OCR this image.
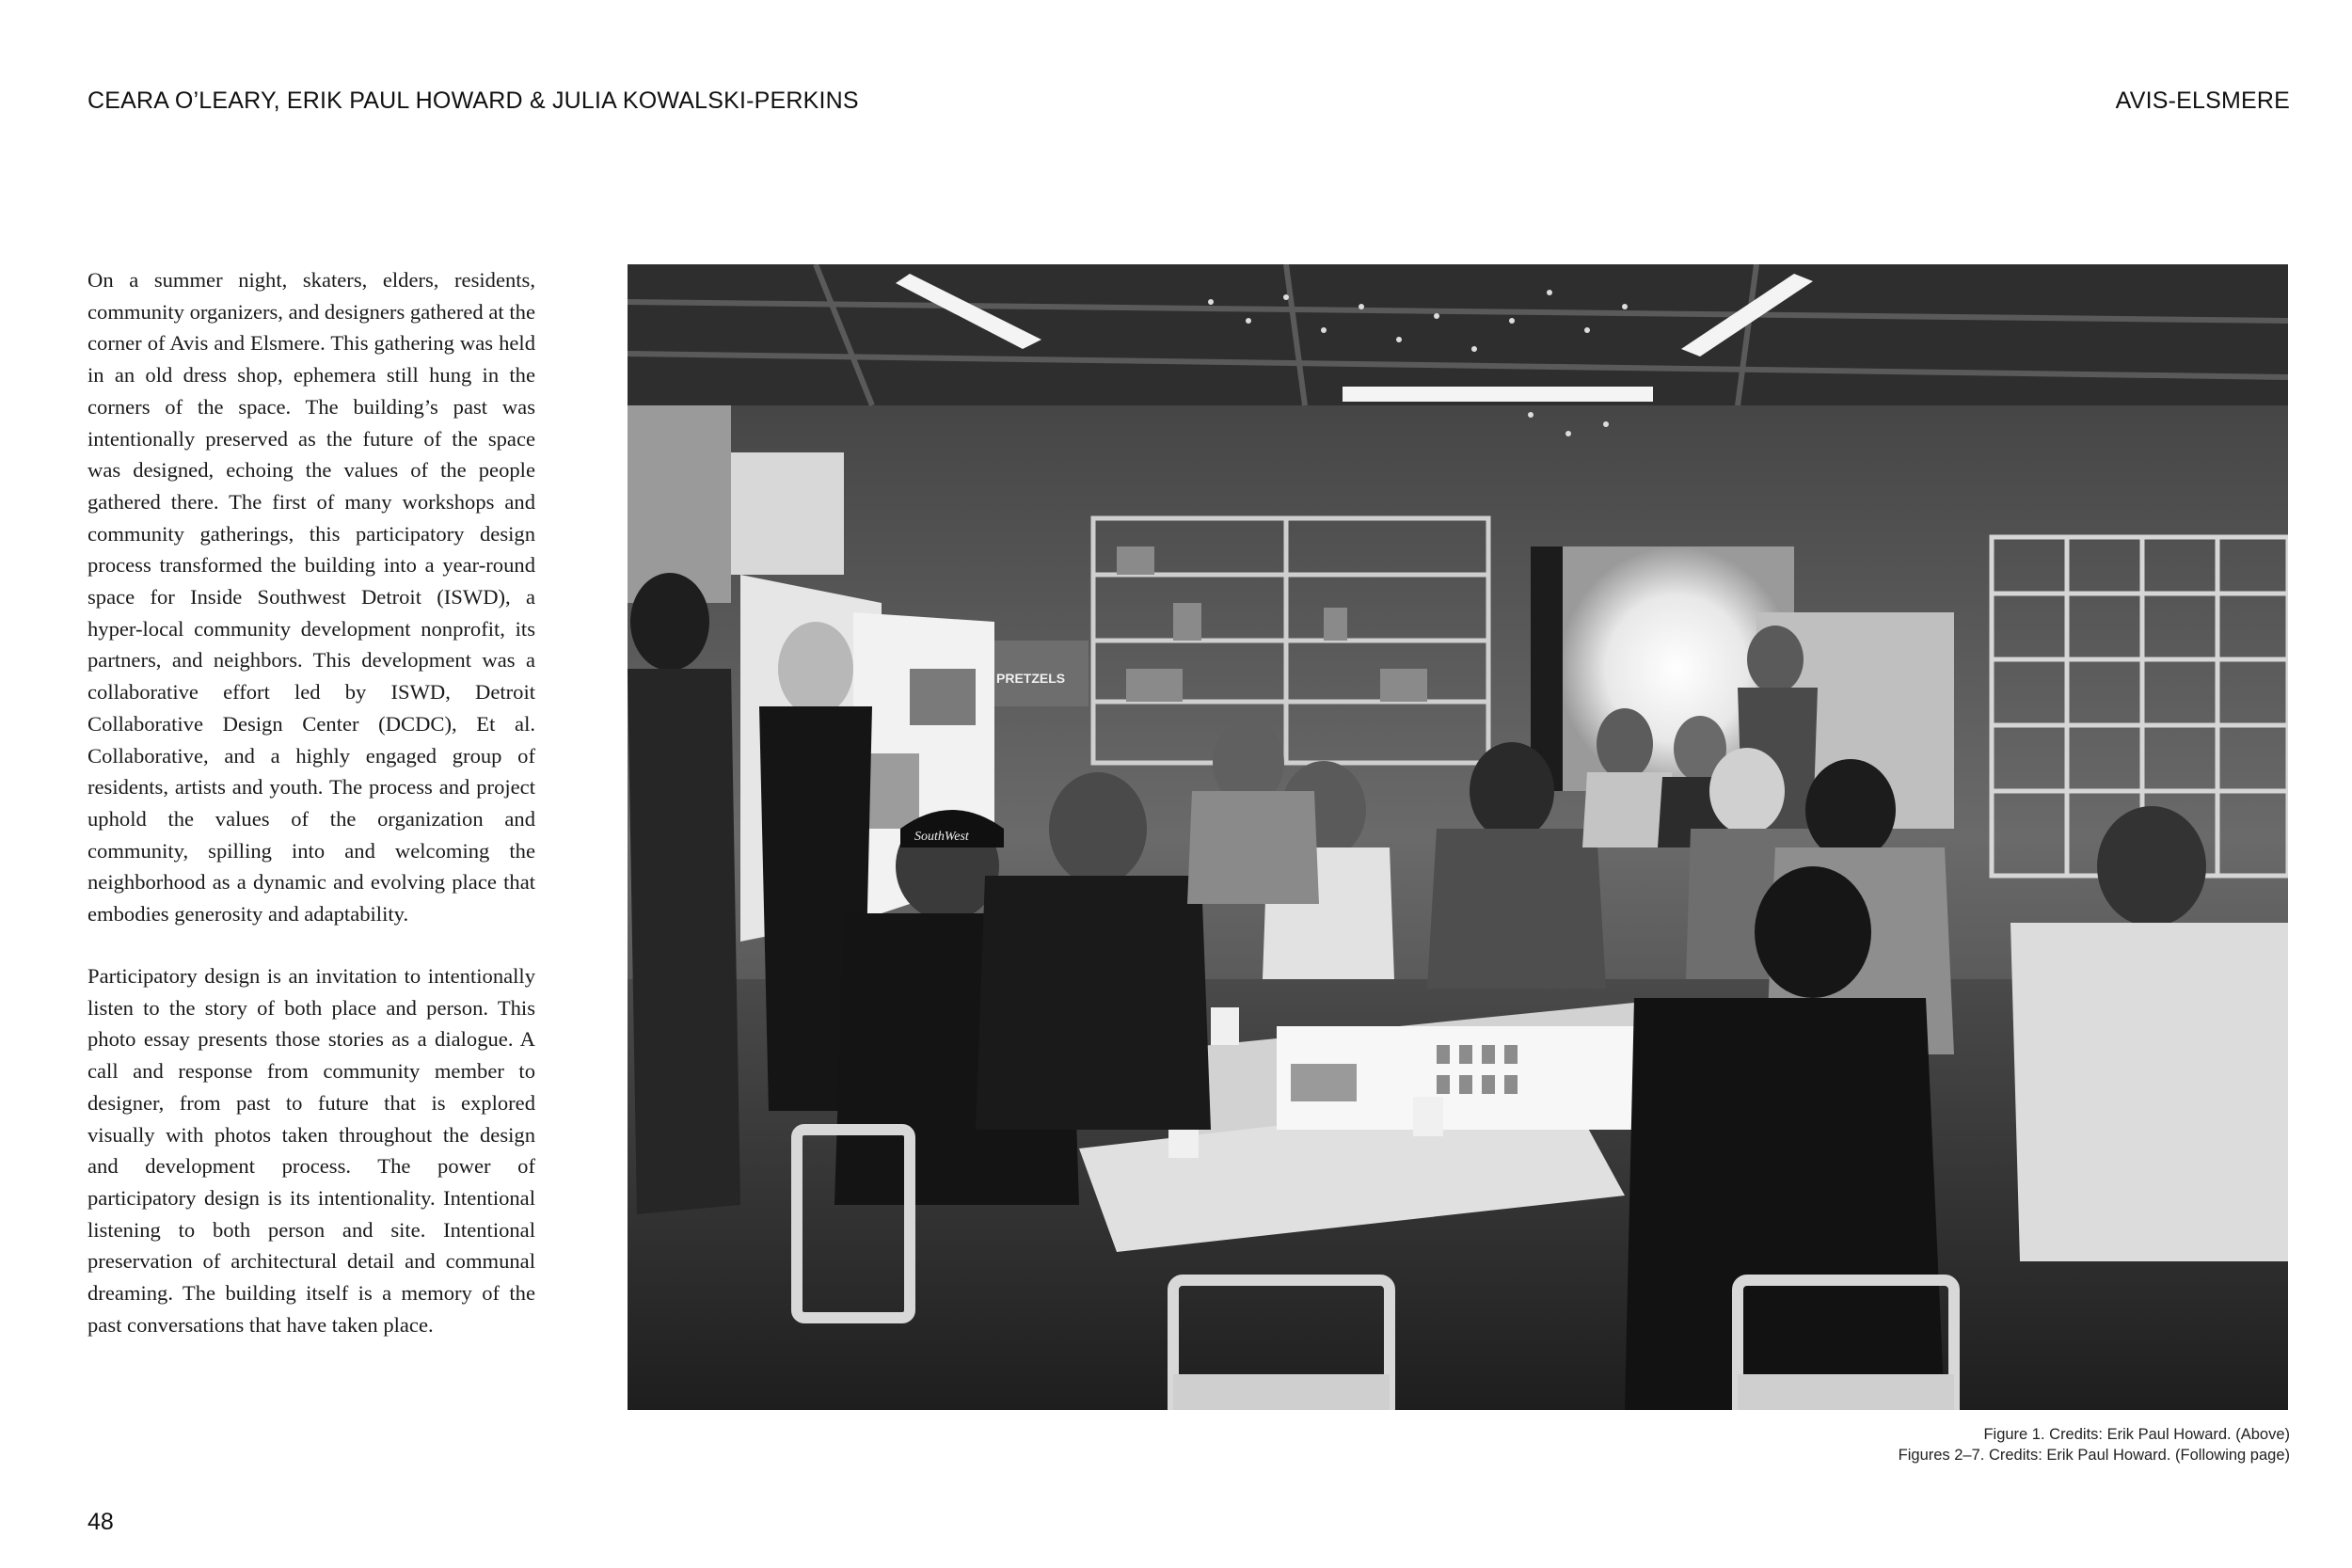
CEARA O’LEARY, ERIK PAUL HOWARD & JULIA KOWALSKI-PERKINS	AVIS-ELSMERE

On a summer night, skaters, elders, residents, community organizers, and designers gathered at the corner of Avis and Elsmere. This gathering was held in an old dress shop, ephemera still hung in the corners of the space. The building’s past was intentionally preserved as the future of the space was designed, echoing the values of the people gathered there. The first of many workshops and community gatherings, this participatory design process transformed the building into a year-round space for Inside Southwest Detroit (ISWD), a hyper-local community development nonprofit, its partners, and neighbors. This development was a collaborative effort led by ISWD, Detroit Collaborative Design Center (DCDC), Et al. Collaborative, and a highly engaged group of residents, artists and youth. The process and project uphold the values of the organization and community, spilling into and welcoming the neighborhood as a dynamic and evolving place that embodies generosity and adaptability.

Participatory design is an invitation to intentionally listen to the story of both place and person. This photo essay presents those stories as a dialogue. A call and response from community member to designer, from past to future that is explored visually with photos taken throughout the design and development process. The power of participatory design is its intentionality. Intentional listening to both person and site. Intentional preservation of architectural detail and communal dreaming. The building itself is a memory of the past conversations that have taken place.

PRETZELS
SouthWest
Figure 1. Credits: Erik Paul Howard. (Above)
Figures 2–7. Credits: Erik Paul Howard. (Following page)
48
